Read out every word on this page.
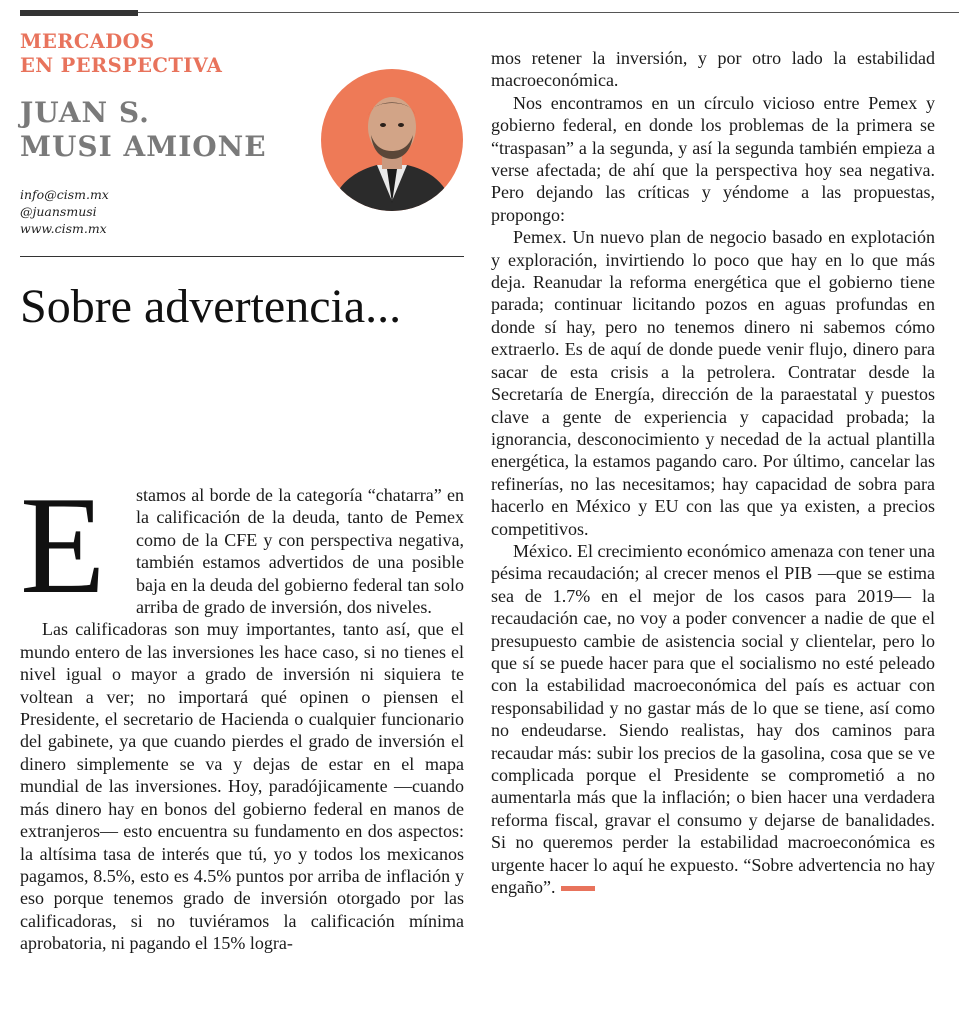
MERCADOS
EN PERSPECTIVA
JUAN S.
MUSI AMIONE
info@cism.mx
@juansmusi
www.cism.mx
Sobre advertencia...

E	stamos al borde de la categoría “chatarra” en la calificación de la deuda, tanto de Pemex como de la CFE y con perspectiva negativa, también estamos advertidos de una posible baja en la deuda del gobierno federal tan solo arriba de grado de inversión, dos niveles.

Las calificadoras son muy importantes, tanto así, que el mundo entero de las inversiones les hace caso, si no tienes el nivel igual o mayor a grado de inversión ni siquiera te voltean a ver; no importará qué opinen o piensen el Presidente, el secretario de Hacienda o cualquier funcionario del gabinete, ya que cuando pierdes el grado de inversión el dinero simplemente se va y dejas de estar en el mapa mundial de las inversiones. Hoy, paradójicamente —cuando más dinero hay en bonos del gobierno federal en manos de extranjeros— esto encuentra su fundamento en dos aspectos: la altísima tasa de interés que tú, yo y todos los mexicanos pagamos, 8.5%, esto es 4.5% puntos por arriba de inflación y eso porque tenemos grado de inversión otorgado por las calificadoras, si no tuviéramos la calificación mínima aprobatoria, ni pagando el 15% logra-

mos retener la inversión, y por otro lado la estabilidad macroeconómica.

Nos encontramos en un círculo vicioso entre Pemex y gobierno federal, en donde los problemas de la primera se “traspasan” a la segunda, y así la segunda también empieza a verse afectada; de ahí que la perspectiva hoy sea negativa. Pero dejando las críticas y yéndome a las propuestas, propongo:

Pemex. Un nuevo plan de negocio basado en explotación y exploración, invirtiendo lo poco que hay en lo que más deja. Reanudar la reforma energética que el gobierno tiene parada; continuar licitando pozos en aguas profundas en donde sí hay, pero no tenemos dinero ni sabemos cómo extraerlo. Es de aquí de donde puede venir flujo, dinero para sacar de esta crisis a la petrolera. Contratar desde la Secretaría de Energía, dirección de la paraestatal y puestos clave a gente de experiencia y capacidad probada; la ignorancia, desconocimiento y necedad de la actual plantilla energética, la estamos pagando caro. Por último, cancelar las refinerías, no las necesitamos; hay capacidad de sobra para hacerlo en México y EU con las que ya existen, a precios competitivos.

México. El crecimiento económico amenaza con tener una pésima recaudación; al crecer menos el PIB —que se estima sea de 1.7% en el mejor de los casos para 2019— la recaudación cae, no voy a poder convencer a nadie de que el presupuesto cambie de asistencia social y clientelar, pero lo que sí se puede hacer para que el socialismo no esté peleado con la estabilidad macroeconómica del país es actuar con responsabilidad y no gastar más de lo que se tiene, así como no endeudarse. Siendo realistas, hay dos caminos para recaudar más: subir los precios de la gasolina, cosa que se ve complicada porque el Presidente se comprometió a no aumentarla más que la inflación; o bien hacer una verdadera reforma fiscal, gravar el consumo y dejarse de banalidades. Si no queremos perder la estabilidad macroeconómica es urgente hacer lo aquí he expuesto. “Sobre advertencia no hay engaño”.
